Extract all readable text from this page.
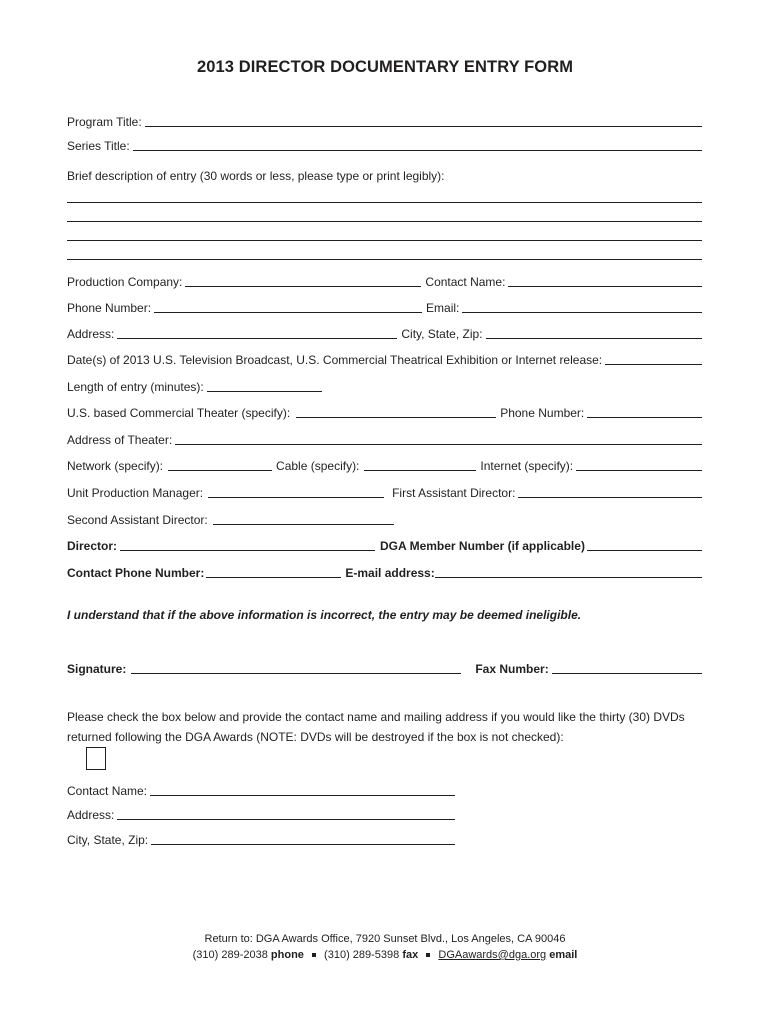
2013 DIRECTOR DOCUMENTARY ENTRY FORM
Program Title:
Series Title:
Brief description of entry (30 words or less, please type or print legibly):
Production Company:	Contact Name:
Phone Number:	Email:
Address:	City, State, Zip:
Date(s) of 2013 U.S. Television Broadcast, U.S. Commercial Theatrical Exhibition or Internet release:
Length of entry (minutes):
U.S. based Commercial Theater (specify):	Phone Number:
Address of Theater:
Network (specify):	Cable (specify):	Internet (specify):
Unit Production Manager:	First Assistant Director:
Second Assistant Director:
Director:	DGA Member Number (if applicable)
Contact Phone Number:	E-mail address:
I understand that if the above information is incorrect, the entry may be deemed ineligible.
Signature:	Fax Number:
Please check the box below and provide the contact name and mailing address if you would like the thirty (30) DVDs returned following the DGA Awards (NOTE: DVDs will be destroyed if the box is not checked):
Contact Name:
Address:
City, State, Zip:
Return to: DGA Awards Office, 7920 Sunset Blvd., Los Angeles, CA 90046
(310) 289-2038 phone (310) 289-5398 fax DGAawards@dga.org email
